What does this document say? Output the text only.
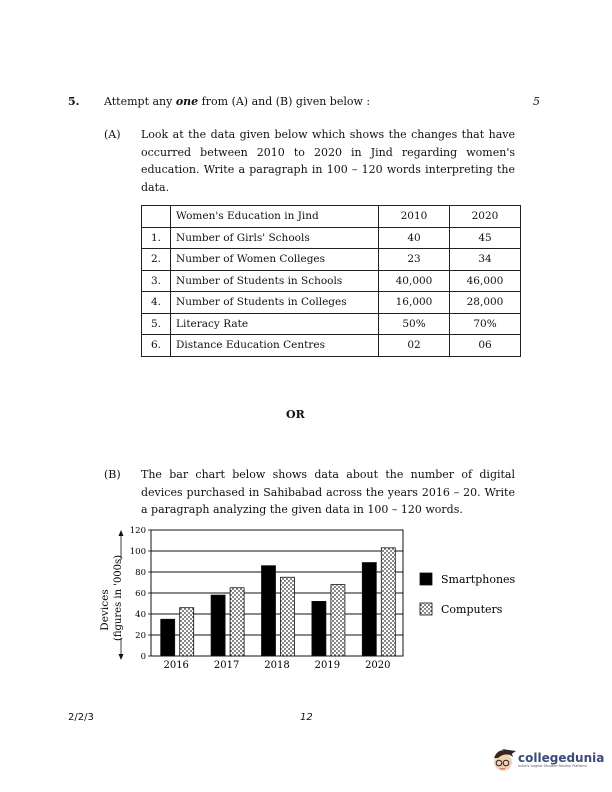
5. Attempt any one from (A) and (B) given below :	5
(A) Look at the data given below which shows the changes that have
occurred between 2010 to 2020 in Jind regarding women's
education. Write a paragraph in 100 – 120 words interpreting the
data.
	Women's Education in Jind	2010	2020
1.	Number of Girls' Schools	40	45
2.	Number of Women Colleges	23	34
3.	Number of Students in Schools	40,000	46,000
4.	Number of Students in Colleges	16,000	28,000
5.	Literacy Rate	50%	70%
6.	Distance Education Centres	02	06
OR
(B) The bar chart below shows data about the number of digital
devices purchased in Sahibabad across the years 2016 – 20. Write
a paragraph analyzing the given data in 100 – 120 words.
Devices (figures in '000s)
0
20
40
60
80
100
120
2016 2017 2018 2019 2020
Smartphones
Computers
2/2/3	12
collegedunia
India's largest Student Review Platform
